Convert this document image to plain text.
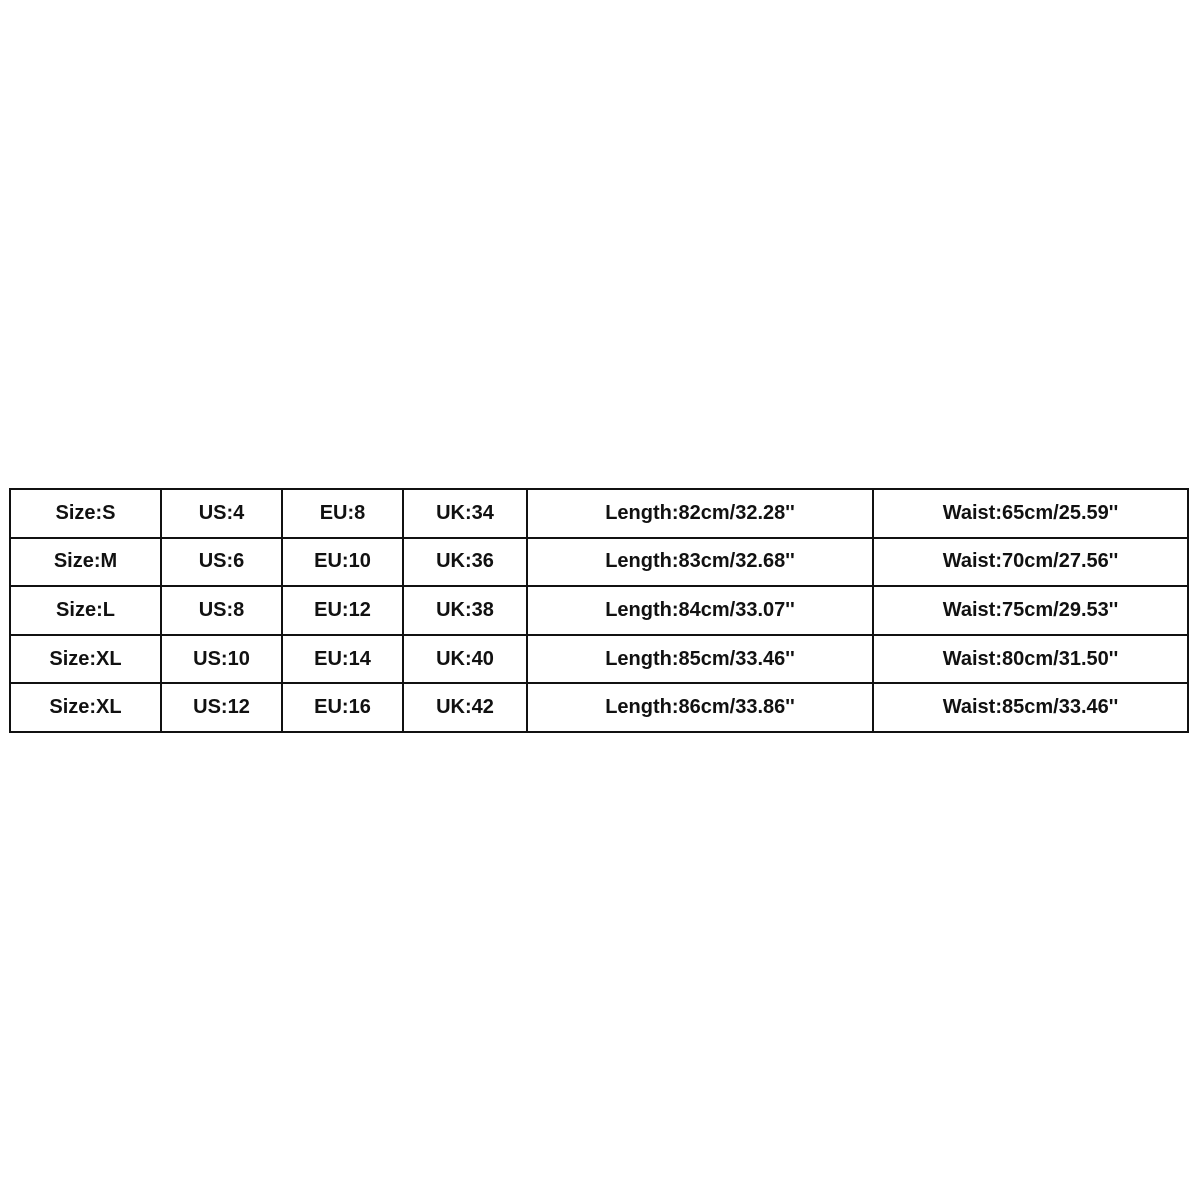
Size:S	US:4	EU:8	UK:34	Length:82cm/32.28''	Waist:65cm/25.59''
Size:M	US:6	EU:10	UK:36	Length:83cm/32.68''	Waist:70cm/27.56''
Size:L	US:8	EU:12	UK:38	Length:84cm/33.07''	Waist:75cm/29.53''
Size:XL	US:10	EU:14	UK:40	Length:85cm/33.46''	Waist:80cm/31.50''
Size:XL	US:12	EU:16	UK:42	Length:86cm/33.86''	Waist:85cm/33.46''
